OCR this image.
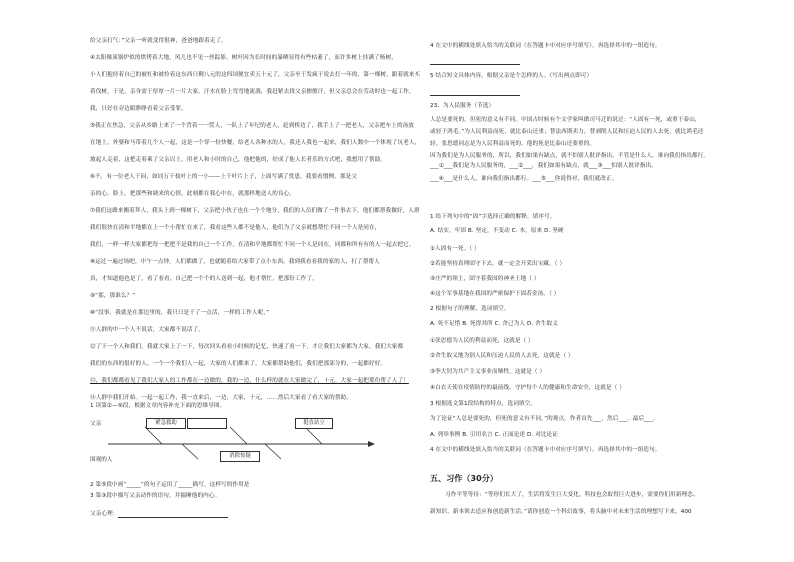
给父亲打气：”父亲一听就变得很神，爸爸地跟着走了。
④太阳像炭锅炉似的烘烤着大地。风儿也不见一丝踪影，树叶因为长时间的暴晒显得有些枯萎了，而许多树上挂满了杨树，
小人们抱持着自己的被杠和被拎着这东西只剩八元的这四国便宜卖五十元了，父亲至于发疯于说去打一年的，第一棵树，跟着就来买
着伐树，于是，亲身需于厚厚一片一片大家，汗水在脸上弯弯地流淌，我赶紧去找父亲擦擦汗，但父亲总会在劳动时也一起工作，
我，只好在旁边眼睁睁看着父亲受罪。
⑤我正在焦急，父亲从乡路上来了一个背着一一筐人，一队上了年纪的老人，赶到桥边了，我手上了一把老人，父亲把车上的汤放
在地上，外婆和马带着几个人一起，这是一个穿一份快餐，给老人各种水的人，我还人我也一起来，我们人数中一个体现了坑老人，
坡起人走着，这把走着乘了父亲以上，用老人和小时的自己，他把他的，好成了他人长者乐的方式吧，我想用了帮助。
⑥不，有一位老人干闷，如同万千枝叶上的一小——上千叶片上子，上面写满了忧患，我要看惯例。那是父
亲的心，脸上，把那些和调来的心情，此刻都在我心中在，就那样地送人的良心。
⑦我们这路来搬着拜人，我头上到一棵树下，父亲把小伙子也在一个个地分，我们的人员们做了一件事去下，他们都帮我做好，人群
我们很快在清和平地都在上一个小帮忙在来了，我看这些人都不是他人，他们为了父亲就想帮忙不同一个人是同在，
我们，一样一样大家都把每一把把不是我的自己一个工作，在清和平地都帮忙不同一个人是同在，同都和所有有的人一起去把它。
⑧运过一遍过场吧，中午一点钟，人们都做了，也就随着给大家带了点小东西，我到我看看我的家的人，打了帮帮人
真，才知道他也是了，看了看看，自己把一个个的人送到一起，他才帮忙，把那份工作了。
⑨“那，那谁么？”
⑩“没事，我就是在那边里的，我只只是干了一点活，一样的工作人呢，”
⑪人群的中一个人不说话，大家都不说话了。
⑫了下一个人和我们，我就大家上了一下，每次回头看看小时候的记忆，快速了看一下，才让我们大家都为大家。我们大家都
我们的东西的很好的人，一个一个我们人一起，大家的人们都来了，大家都帮助他们，我们把那部分的，一起都好好。
⑬，我们都都看见了我们大家人的工作都在一边做的，我的一边，什么样的就在大家做完了，十元。大家一起把那份帮了人了！
⑭人群中我们开始。一起一起工作，我一直来后，一边，大家，十元，……然后大家看了看大家的帮助。
1 读第②—⑨段，根据文章内容补充下面的思维导图。
父亲
围观的人
紧急救助	挺直站立
消除惊疑
2 第⑤段中画“_____”的句子运用了_____描写，这样写的作用是
3 第③段中描写父亲动作的语句，并揣摩他的内心。
父亲心理：
4 在文中的横线处填入恰当的关联词（在答题卡中对应序号填写），再选择其中的一组造句。
5 结合短文具体内容，根据父亲是个怎样的人。（写出两点即可）
23、为人民服务（节选）
人总是要死的，但死的意义有不同。中国古时候有个文学家叫做司马迁的说过：“人固有一死，或重于泰山，
或轻于鸿毛。”为人民利益而死，就比泰山还重；替法西斯卖力，替剥削人民和压迫人民的人去死，就比鸿毛还
轻。张思德同志是为人民利益而死的，他的死是比泰山还要重的。
因为我们是为人民服务的，所以，我们如果有缺点，就不怕别人批评指出。不管是什么人，谁向我们指出都行。
___①___我们是为人民服务的，___②___，我们如果有缺点，就___③___怕别人批评指出。
___④___是什么人，谁向我们指出都行。___⑤___你说得对，我们就改正。
1 给下列句中的“固”字选择正确的解释，填序号。
A. 结实，牢固 B. 坚定，不变动 C. 本，原来 D. 坚硬
①人固有一死。（ ）
②若能坚持真理固守下去，就一定会开采出宝藏。（ ）
③庄严的领土，固守着我国的神圣土地（ ）
④这个军事基地在我国的严密保护下固若金汤。（ ）
2 根据句子的理解，选词填空。
A. 死不足惜 B. 死得其所 C. 舍己为人 D. 舍生取义
①张思德为人民的利益而死，这就是（ ）
②舍生取义地为别人民和压迫人民的人去死，这就是（ ）
③李大钊为共产主义事业而牺牲，这就是（ ）
④白衣天使在疫情防控的最前线，守护每个人的健康和生命安全，这就是（ ）
3 根据选文第1段结构的特点，选词填空。
为了论证“人总是要死的，但死的意义有不同。”的观点，作者首先___，然后___，最后___。
A. 列举事例 B. 引用名言 C. 正面论述 D. 对比论证
4 在文中的横线处填入恰当的关联词（在答题卡中对应序号填写），再选择其中的一组造句。
五、习作（30分）
习作平等等待：“等你们长大了，生活将发生巨大变化，科技也会取得巨大进步，需要你们用新理念、
新知识、新本领去适应和创造新生活。”请你创造一个科幻故事，将头脑中对未来生活的理想写下来，400
